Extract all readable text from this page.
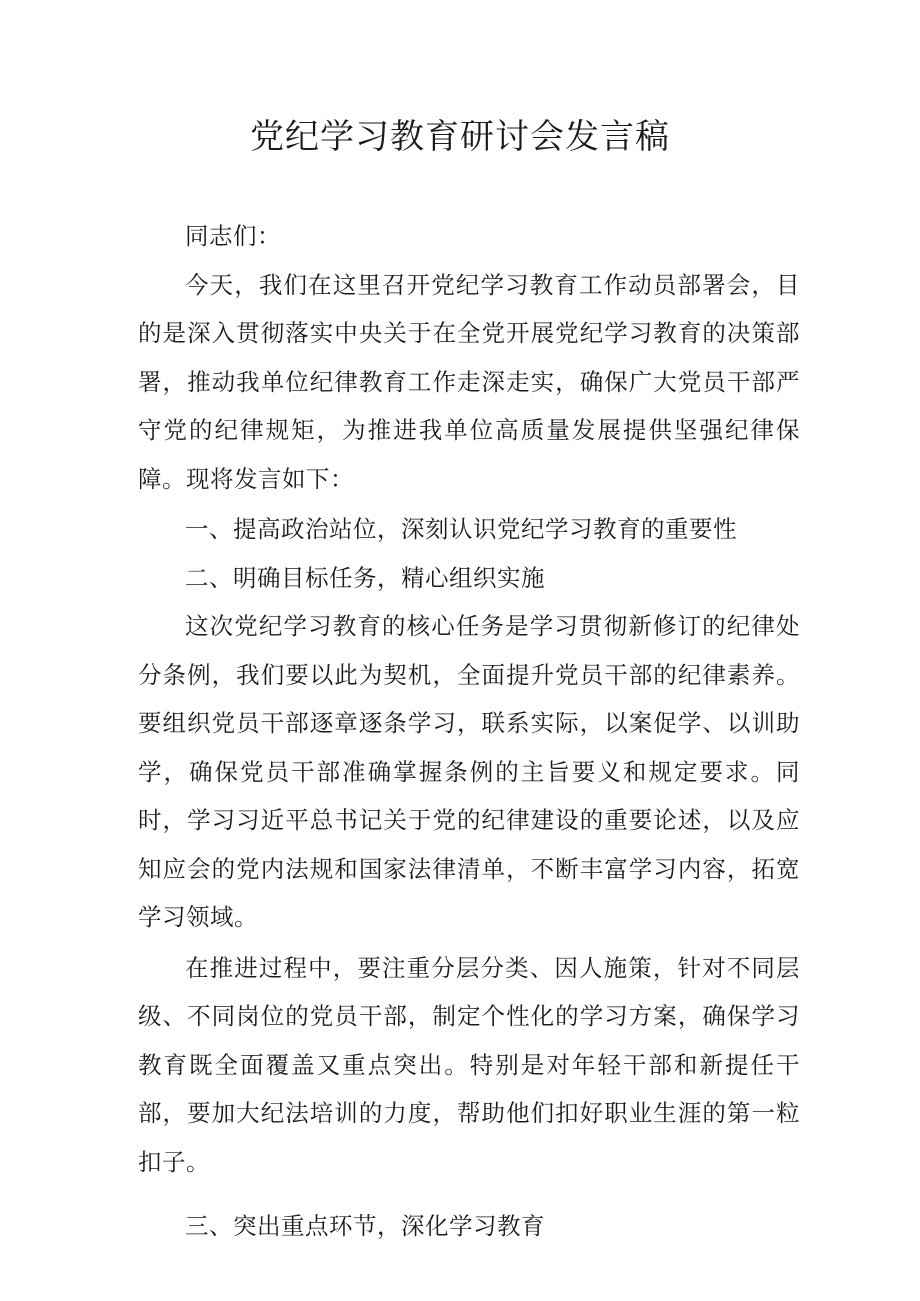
党纪学习教育研讨会发言稿

同志们：

今天，我们在这里召开党纪学习教育工作动员部署会，目的是深入贯彻落实中央关于在全党开展党纪学习教育的决策部署，推动我单位纪律教育工作走深走实，确保广大党员干部严守党的纪律规矩，为推进我单位高质量发展提供坚强纪律保障。现将发言如下：

一、提高政治站位，深刻认识党纪学习教育的重要性

二、明确目标任务，精心组织实施

这次党纪学习教育的核心任务是学习贯彻新修订的纪律处分条例，我们要以此为契机，全面提升党员干部的纪律素养。要组织党员干部逐章逐条学习，联系实际，以案促学、以训助学，确保党员干部准确掌握条例的主旨要义和规定要求。同时，学习习近平总书记关于党的纪律建设的重要论述，以及应知应会的党内法规和国家法律清单，不断丰富学习内容，拓宽学习领域。

在推进过程中，要注重分层分类、因人施策，针对不同层级、不同岗位的党员干部，制定个性化的学习方案，确保学习教育既全面覆盖又重点突出。特别是对年轻干部和新提任干部，要加大纪法培训的力度，帮助他们扣好职业生涯的第一粒扣子。

三、突出重点环节，深化学习教育
